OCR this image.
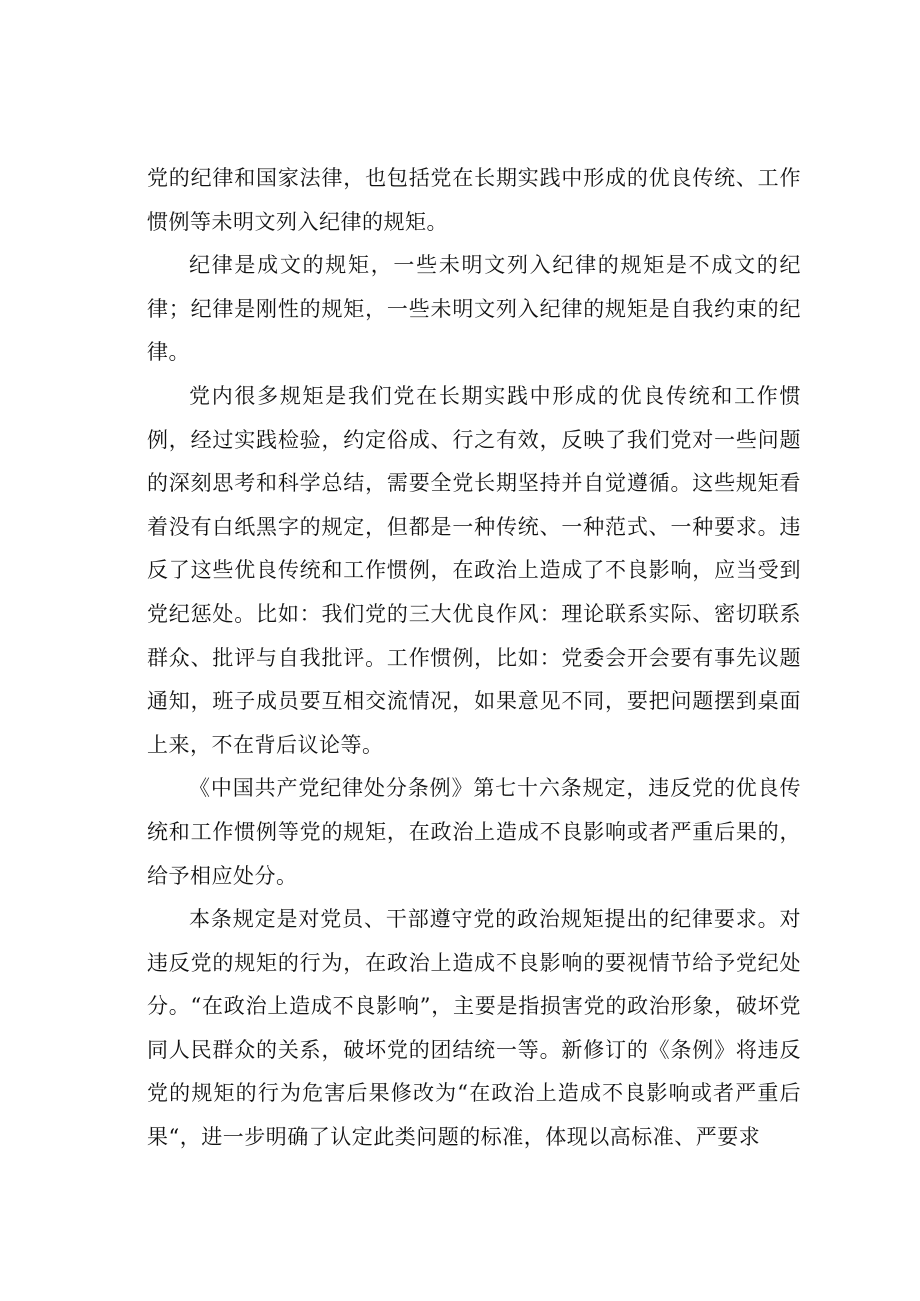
党的纪律和国家法律，也包括党在长期实践中形成的优良传统、工作惯例等未明文列入纪律的规矩。

纪律是成文的规矩，一些未明文列入纪律的规矩是不成文的纪律；纪律是刚性的规矩，一些未明文列入纪律的规矩是自我约束的纪律。

党内很多规矩是我们党在长期实践中形成的优良传统和工作惯例，经过实践检验，约定俗成、行之有效，反映了我们党对一些问题的深刻思考和科学总结，需要全党长期坚持并自觉遵循。这些规矩看着没有白纸黑字的规定，但都是一种传统、一种范式、一种要求。违反了这些优良传统和工作惯例，在政治上造成了不良影响，应当受到党纪惩处。比如：我们党的三大优良作风：理论联系实际、密切联系群众、批评与自我批评。工作惯例，比如：党委会开会要有事先议题通知，班子成员要互相交流情况，如果意见不同，要把问题摆到桌面上来，不在背后议论等。

《中国共产党纪律处分条例》第七十六条规定，违反党的优良传统和工作惯例等党的规矩，在政治上造成不良影响或者严重后果的，给予相应处分。

本条规定是对党员、干部遵守党的政治规矩提出的纪律要求。对违反党的规矩的行为，在政治上造成不良影响的要视情节给予党纪处分。“在政治上造成不良影响”，主要是指损害党的政治形象，破坏党同人民群众的关系，破坏党的团结统一等。新修订的《条例》将违反党的规矩的行为危害后果修改为“在政治上造成不良影响或者严重后果“，进一步明确了认定此类问题的标准，体现以高标准、严要求
